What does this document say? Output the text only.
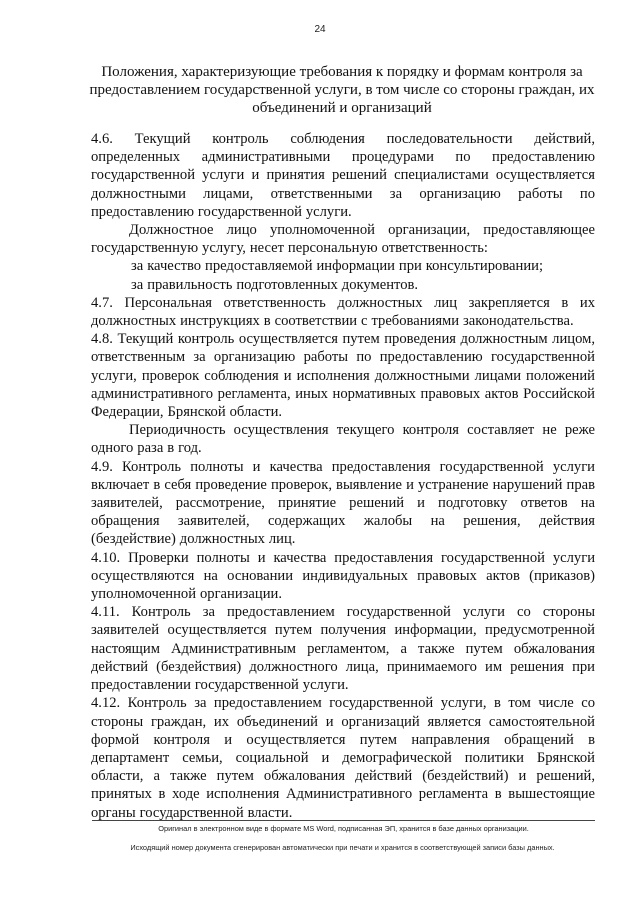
24
Положения, характеризующие требования к порядку и формам контроля за предоставлением государственной услуги, в том числе со стороны граждан, их объединений и организаций

4.6. Текущий контроль соблюдения последовательности действий, определенных административными процедурами по предоставлению государственной услуги и принятия решений специалистами осуществляется должностными лицами, ответственными за организацию работы по предоставлению государственной услуги.

Должностное лицо уполномоченной организации, предоставляющее государственную услугу, несет персональную ответственность:

за качество предоставляемой информации при консультировании;

за правильность подготовленных документов.

4.7. Персональная ответственность должностных лиц закрепляется в их должностных инструкциях в соответствии с требованиями законодательства.

4.8. Текущий контроль осуществляется путем проведения должностным лицом, ответственным за организацию работы по предоставлению государственной услуги, проверок соблюдения и исполнения должностными лицами положений административного регламента, иных нормативных правовых актов Российской Федерации, Брянской области.

Периодичность осуществления текущего контроля составляет не реже одного раза в год.

4.9. Контроль полноты и качества предоставления государственной услуги включает в себя проведение проверок, выявление и устранение нарушений прав заявителей, рассмотрение, принятие решений и подготовку ответов на обращения заявителей, содержащих жалобы на решения, действия (бездействие) должностных лиц.

4.10. Проверки полноты и качества предоставления государственной услуги осуществляются на основании индивидуальных правовых актов (приказов) уполномоченной организации.

4.11. Контроль за предоставлением государственной услуги со стороны заявителей осуществляется путем получения информации, предусмотренной настоящим Административным регламентом, а также путем обжалования действий (бездействия) должностного лица, принимаемого им решения при предоставлении государственной услуги.

4.12. Контроль за предоставлением государственной услуги, в том числе со стороны граждан, их объединений и организаций является самостоятельной формой контроля и осуществляется путем направления обращений в департамент семьи, социальной и демографической политики Брянской области, а также путем обжалования действий (бездействий) и решений, принятых в ходе исполнения Административного регламента в вышестоящие органы государственной власти.

Оригинал в электронном виде в формате MS Word, подписанная ЭП, хранится в базе данных организации.
Исходящий номер документа сгенерирован автоматически при печати и хранится в соответствующей записи базы данных.
